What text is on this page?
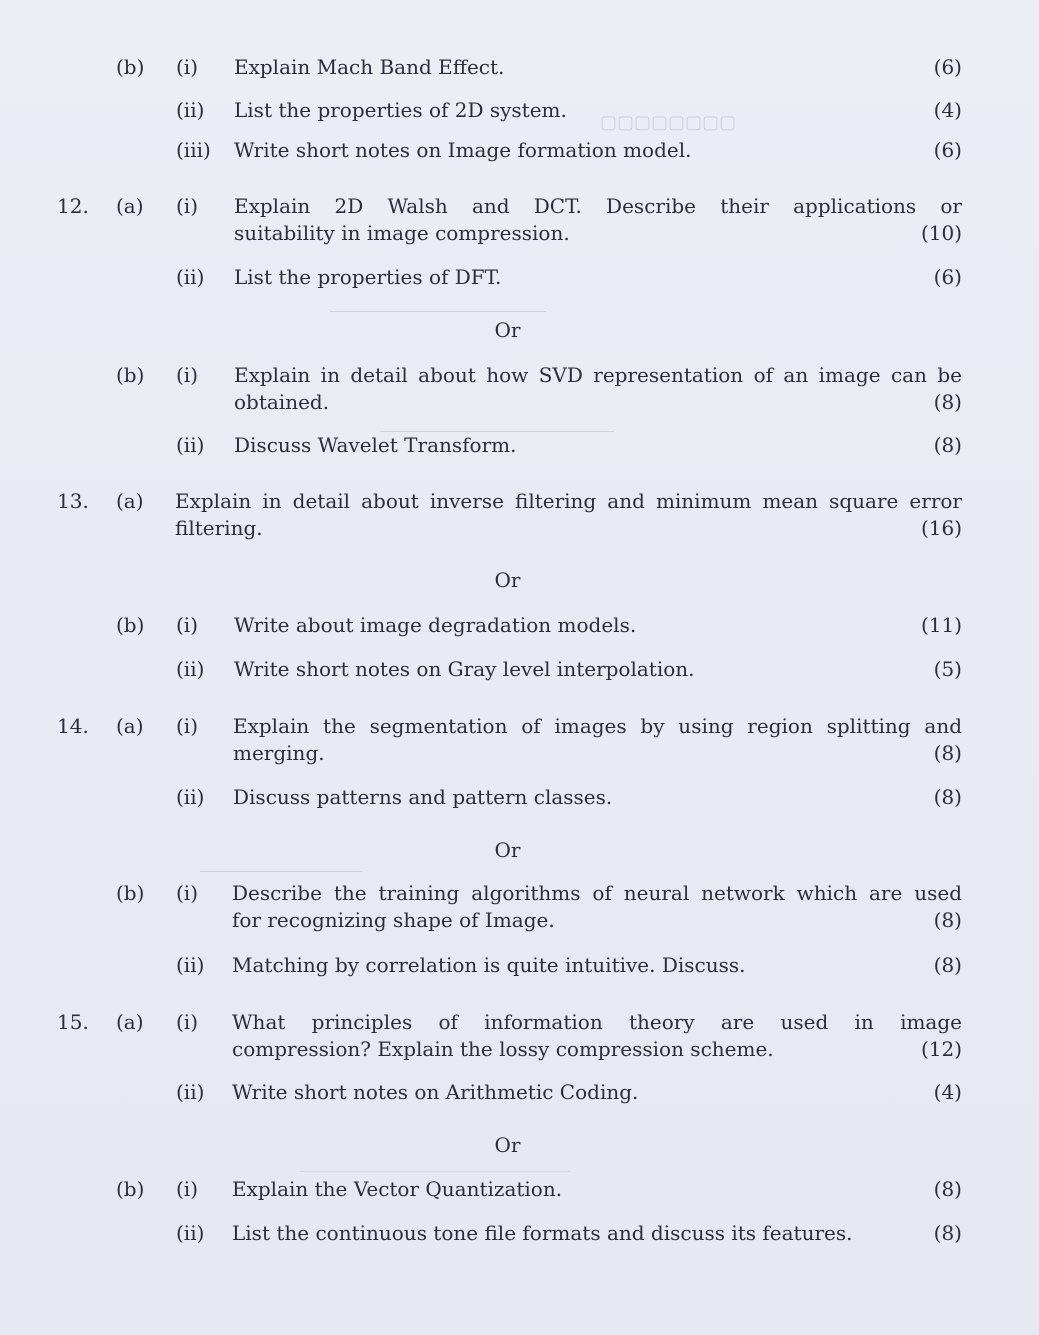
▢▢▢▢▢▢▢▢
――――――――――――
―――――――――――――
―――――――――
―――――――――――――――
(b) (i) Explain Mach Band Effect.	(6)
(ii) List the properties of 2D system.	(4)
(iii) Write short notes on Image formation model.	(6)
12. (a) (i) Explain 2D Walsh and DCT. Describe their applications or
suitability in image compression.	(10)
(ii) List the properties of DFT.	(6)
Or
(b) (i) Explain in detail about how SVD representation of an image can be
obtained.	(8)
(ii) Discuss Wavelet Transform.	(8)
13. (a) Explain in detail about inverse filtering and minimum mean square error
filtering.	(16)
Or
(b) (i) Write about image degradation models.	(11)
(ii) Write short notes on Gray level interpolation.	(5)
14. (a) (i) Explain the segmentation of images by using region splitting and
merging.	(8)
(ii) Discuss patterns and pattern classes.	(8)
Or
(b) (i) Describe the training algorithms of neural network which are used
for recognizing shape of Image.	(8)
(ii) Matching by correlation is quite intuitive. Discuss.	(8)
15. (a) (i) What principles of information theory are used in image
compression? Explain the lossy compression scheme.	(12)
(ii) Write short notes on Arithmetic Coding.	(4)
Or
(b) (i) Explain the Vector Quantization.	(8)
(ii) List the continuous tone file formats and discuss its features.	(8)
